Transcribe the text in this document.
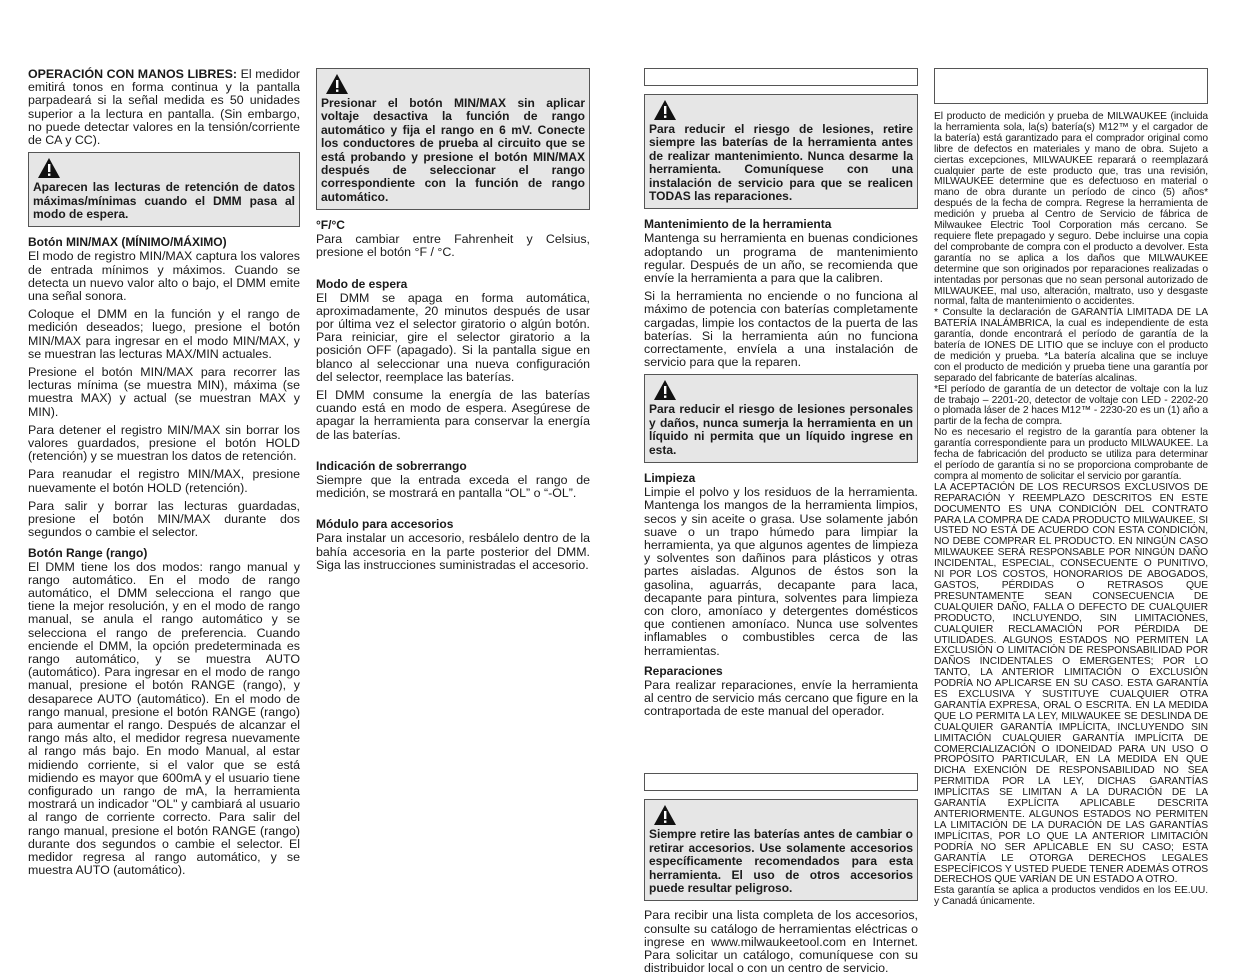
OPERACIÓN CON MANOS LIBRES: El medidor emitirá tonos en forma continua y la pantalla parpadeará si la señal medida es 50 unidades superior a la lectura en pantalla. (Sin embargo, no puede detectar valores en la tensión/corriente de CA y CC).

Aparecen las lecturas de retención de datos máximas/mínimas cuando el DMM pasa al modo de espera.

Botón MIN/MAX (MÍNIMO/MÁXIMO)

El modo de registro MIN/MAX captura los valores de entrada mínimos y máximos. Cuando se detecta un nuevo valor alto o bajo, el DMM emite una señal sonora.

Coloque el DMM en la función y el rango de medición deseados; luego, presione el botón MIN/MAX para ingresar en el modo MIN/MAX, y se muestran las lecturas MAX/MIN actuales.

Presione el botón MIN/MAX para recorrer las lecturas mínima (se muestra MIN), máxima (se muestra MAX) y actual (se muestran MAX y MIN).

Para detener el registro MIN/MAX sin borrar los valores guardados, presione el botón HOLD (retención) y se muestran los datos de retención.

Para reanudar el registro MIN/MAX, presione nuevamente el botón HOLD (retención).

Para salir y borrar las lecturas guardadas, presione el botón MIN/MAX durante dos segundos o cambie el selector.

Botón Range (rango)

El DMM tiene los dos modos: rango manual y rango automático. En el modo de rango automático, el DMM selecciona el rango que tiene la mejor resolución, y en el modo de rango manual, se anula el rango automático y se selecciona el rango de preferencia. Cuando enciende el DMM, la opción predeterminada es rango automático, y se muestra AUTO (automático). Para ingresar en el modo de rango manual, presione el botón RANGE (rango), y desaparece AUTO (automático). En el modo de rango manual, presione el botón RANGE (rango) para aumentar el rango. Después de alcanzar el rango más alto, el medidor regresa nuevamente al rango más bajo. En modo Manual, al estar midiendo corriente, si el valor que se está midiendo es mayor que 600mA y el usuario tiene configurado un rango de mA, la herramienta mostrará un indicador "OL" y cambiará al usuario al rango de corriente correcto. Para salir del rango manual, presione el botón RANGE (rango) durante dos segundos o cambie el selector. El medidor regresa al rango automático, y se muestra AUTO (automático).

Presionar el botón MIN/MAX sin aplicar voltaje desactiva la función de rango automático y fija el rango en 6 mV. Conecte los conductores de prueba al circuito que se está probando y presione el botón MIN/MAX después de seleccionar el rango correspondiente con la función de rango automático.

°F/°C

Para cambiar entre Fahrenheit y Celsius, presione el botón °F / °C.

Modo de espera

El DMM se apaga en forma automática, aproximadamente, 20 minutos después de usar por última vez el selector giratorio o algún botón. Para reiniciar, gire el selector giratorio a la posición OFF (apagado). Si la pantalla sigue en blanco al seleccionar una nueva configuración del selector, reemplace las baterías.

El DMM consume la energía de las baterías cuando está en modo de espera. Asegúrese de apagar la herramienta para conservar la energía de las baterías.

Indicación de sobrerrango

Siempre que la entrada exceda el rango de medición, se mostrará en pantalla “OL” o “-OL”.

Módulo para accesorios

Para instalar un accesorio, resbálelo dentro de la bahía accesoria en la parte posterior del DMM. Siga las instrucciones suministradas el accesorio.

Para reducir el riesgo de lesiones, retire siempre las baterías de la herramienta antes de realizar mantenimiento. Nunca desarme la herramienta. Comuníquese con una instalación de servicio para que se realicen TODAS las reparaciones.

Mantenimiento de la herramienta

Mantenga su herramienta en buenas condiciones adoptando un programa de mantenimiento regular. Después de un año, se recomienda que envíe la herramienta a para que la calibren.

Si la herramienta no enciende o no funciona al máximo de potencia con baterías completamente cargadas, limpie los contactos de la puerta de las baterías. Si la herramienta aún no funciona correctamente, envíela a una instalación de servicio para que la reparen.

Para reducir el riesgo de lesiones personales y daños, nunca sumerja la herramienta en un líquido ni permita que un líquido ingrese en esta.

Limpieza

Limpie el polvo y los residuos de la herramienta. Mantenga los mangos de la herramienta limpios, secos y sin aceite o grasa. Use solamente jabón suave o un trapo húmedo para limpiar la herramienta, ya que algunos agentes de limpieza y solventes son dañinos para plásticos y otras partes aisladas. Algunos de éstos son la gasolina, aguarrás, decapante para laca, decapante para pintura, solventes para limpieza con cloro, amoníaco y detergentes domésticos que contienen amoníaco. Nunca use solventes inflamables o combustibles cerca de las herramientas.

Reparaciones

Para realizar reparaciones, envíe la herramienta al centro de servicio más cercano que figure en la contraportada de este manual del operador.

Siempre retire las baterías antes de cambiar o retirar accesorios. Use solamente accesorios específicamente recomendados para esta herramienta. El uso de otros accesorios puede resultar peligroso.

Para recibir una lista completa de los accesorios, consulte su catálogo de herramientas eléctricas o ingrese en www.milwaukeetool.com en Internet. Para solicitar un catálogo, comuníquese con su distribuidor local o con un centro de servicio.

El producto de medición y prueba de MILWAUKEE (incluida la herramienta sola, la(s) batería(s) M12™ y el cargador de la batería) está garantizado para el comprador original como libre de defectos en materiales y mano de obra. Sujeto a ciertas excepciones, MILWAUKEE reparará o reemplazará cualquier parte de este producto que, tras una revisión, MILWAUKEE determine que es defectuoso en material o mano de obra durante un período de cinco (5) años* después de la fecha de compra. Regrese la herramienta de medición y prueba al Centro de Servicio de fábrica de Milwaukee Electric Tool Corporation más cercano. Se requiere flete prepagado y seguro. Debe incluirse una copia del comprobante de compra con el producto a devolver. Esta garantía no se aplica a los daños que MILWAUKEE determine que son originados por reparaciones realizadas o intentadas por personas que no sean personal autorizado de MILWAUKEE, mal uso, alteración, maltrato, uso y desgaste normal, falta de mantenimiento o accidentes.

* Consulte la declaración de GARANTÍA LIMITADA DE LA BATERÍA INALÁMBRICA, la cual es independiente de esta garantía, donde encontrará el período de garantía de la batería de IONES DE LITIO que se incluye con el producto de medición y prueba. *La batería alcalina que se incluye con el producto de medición y prueba tiene una garantía por separado del fabricante de baterías alcalinas.

*El período de garantía de un detector de voltaje con la luz de trabajo – 2201-20, detector de voltaje con LED - 2202-20 o plomada láser de 2 haces M12™ - 2230-20 es un (1) año a partir de la fecha de compra.

No es necesario el registro de la garantía para obtener la garantía correspondiente para un producto MILWAUKEE. La fecha de fabricación del producto se utiliza para determinar el período de garantía si no se proporciona comprobante de compra al momento de solicitar el servicio por garantía.

LA ACEPTACIÓN DE LOS RECURSOS EXCLUSIVOS DE REPARACIÓN Y REEMPLAZO DESCRITOS EN ESTE DOCUMENTO ES UNA CONDICIÓN DEL CONTRATO PARA LA COMPRA DE CADA PRODUCTO MILWAUKEE. SI USTED NO ESTÁ DE ACUERDO CON ESTA CONDICIÓN, NO DEBE COMPRAR EL PRODUCTO. EN NINGÚN CASO MILWAUKEE SERÁ RESPONSABLE POR NINGÚN DAÑO INCIDENTAL, ESPECIAL, CONSECUENTE O PUNITIVO, NI POR LOS COSTOS, HONORARIOS DE ABOGADOS, GASTOS, PÉRDIDAS O RETRASOS QUE PRESUNTAMENTE SEAN CONSECUENCIA DE CUALQUIER DAÑO, FALLA O DEFECTO DE CUALQUIER PRODUCTO, INCLUYENDO, SIN LIMITACIONES, CUALQUIER RECLAMACIÓN POR PÉRDIDA DE UTILIDADES. ALGUNOS ESTADOS NO PERMITEN LA EXCLUSIÓN O LIMITACIÓN DE RESPONSABILIDAD POR DAÑOS INCIDENTALES O EMERGENTES; POR LO TANTO, LA ANTERIOR LIMITACIÓN O EXCLUSIÓN PODRÍA NO APLICARSE EN SU CASO. ESTA GARANTÍA ES EXCLUSIVA Y SUSTITUYE CUALQUIER OTRA GARANTÍA EXPRESA, ORAL O ESCRITA. EN LA MEDIDA QUE LO PERMITA LA LEY, MILWAUKEE SE DESLINDA DE CUALQUIER GARANTÍA IMPLÍCITA, INCLUYENDO SIN LIMITACIÓN CUALQUIER GARANTÍA IMPLÍCITA DE COMERCIALIZACIÓN O IDONEIDAD PARA UN USO O PROPÓSITO PARTICULAR, EN LA MEDIDA EN QUE DICHA EXENCIÓN DE RESPONSABILIDAD NO SEA PERMITIDA POR LA LEY, DICHAS GARANTÍAS IMPLÍCITAS SE LIMITAN A LA DURACIÓN DE LA GARANTÍA EXPLÍCITA APLICABLE DESCRITA ANTERIORMENTE. ALGUNOS ESTADOS NO PERMITEN LA LIMITACIÓN DE LA DURACIÓN DE LAS GARANTÍAS IMPLÍCITAS, POR LO QUE LA ANTERIOR LIMITACIÓN PODRÍA NO SER APLICABLE EN SU CASO; ESTA GARANTÍA LE OTORGA DERECHOS LEGALES ESPECÍFICOS Y USTED PUEDE TENER ADEMÁS OTROS DERECHOS QUE VARÍAN DE UN ESTADO A OTRO.

Esta garantía se aplica a productos vendidos en los EE.UU. y Canadá únicamente.
